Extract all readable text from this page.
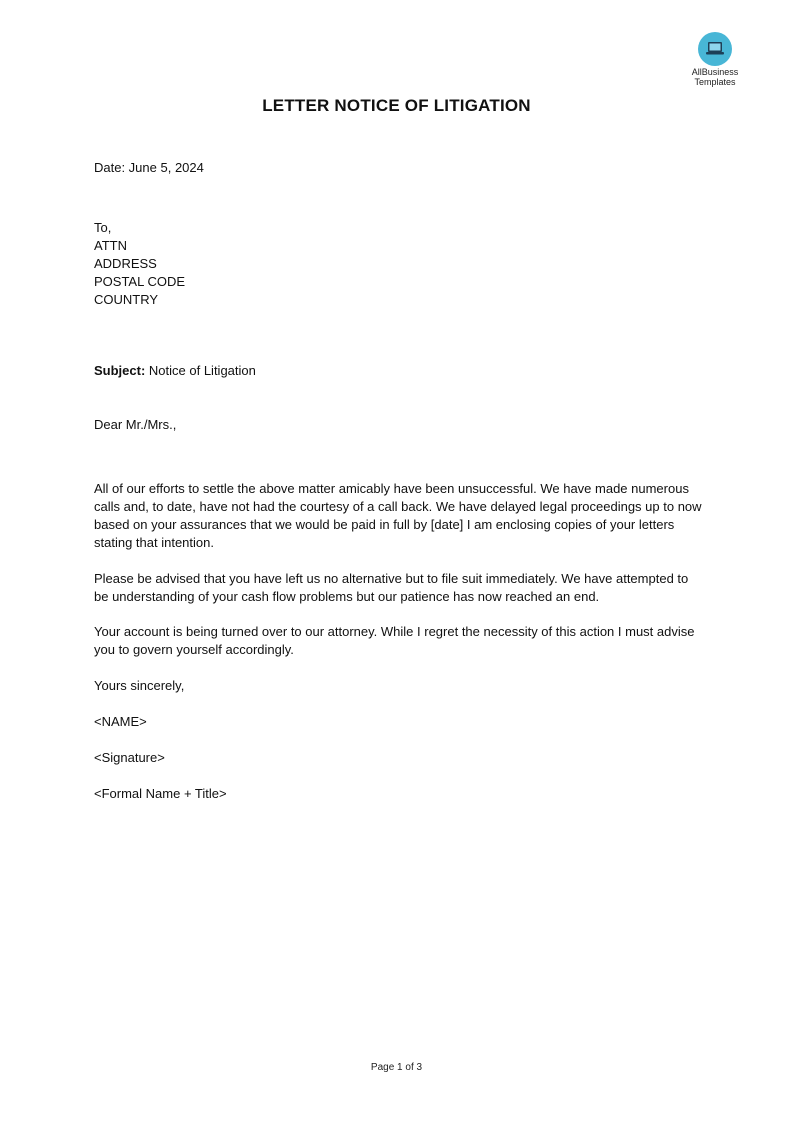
AllBusiness
Templates
LETTER NOTICE OF LITIGATION
Date: June 5, 2024
To,
ATTN
ADDRESS
POSTAL CODE
COUNTRY
Subject: Notice of Litigation
Dear Mr./Mrs.,

All of our efforts to settle the above matter amicably have been unsuccessful. We have made numerous calls and, to date, have not had the courtesy of a call back. We have delayed legal proceedings up to now based on your assurances that we would be paid in full by [date] I am enclosing copies of your letters stating that intention.

Please be advised that you have left us no alternative but to file suit immediately. We have attempted to be understanding of your cash flow problems but our patience has now reached an end.

Your account is being turned over to our attorney. While I regret the necessity of this action I must advise you to govern yourself accordingly.

Yours sincerely,
<NAME>
<Signature>
<Formal Name + Title>
Page 1 of 3
